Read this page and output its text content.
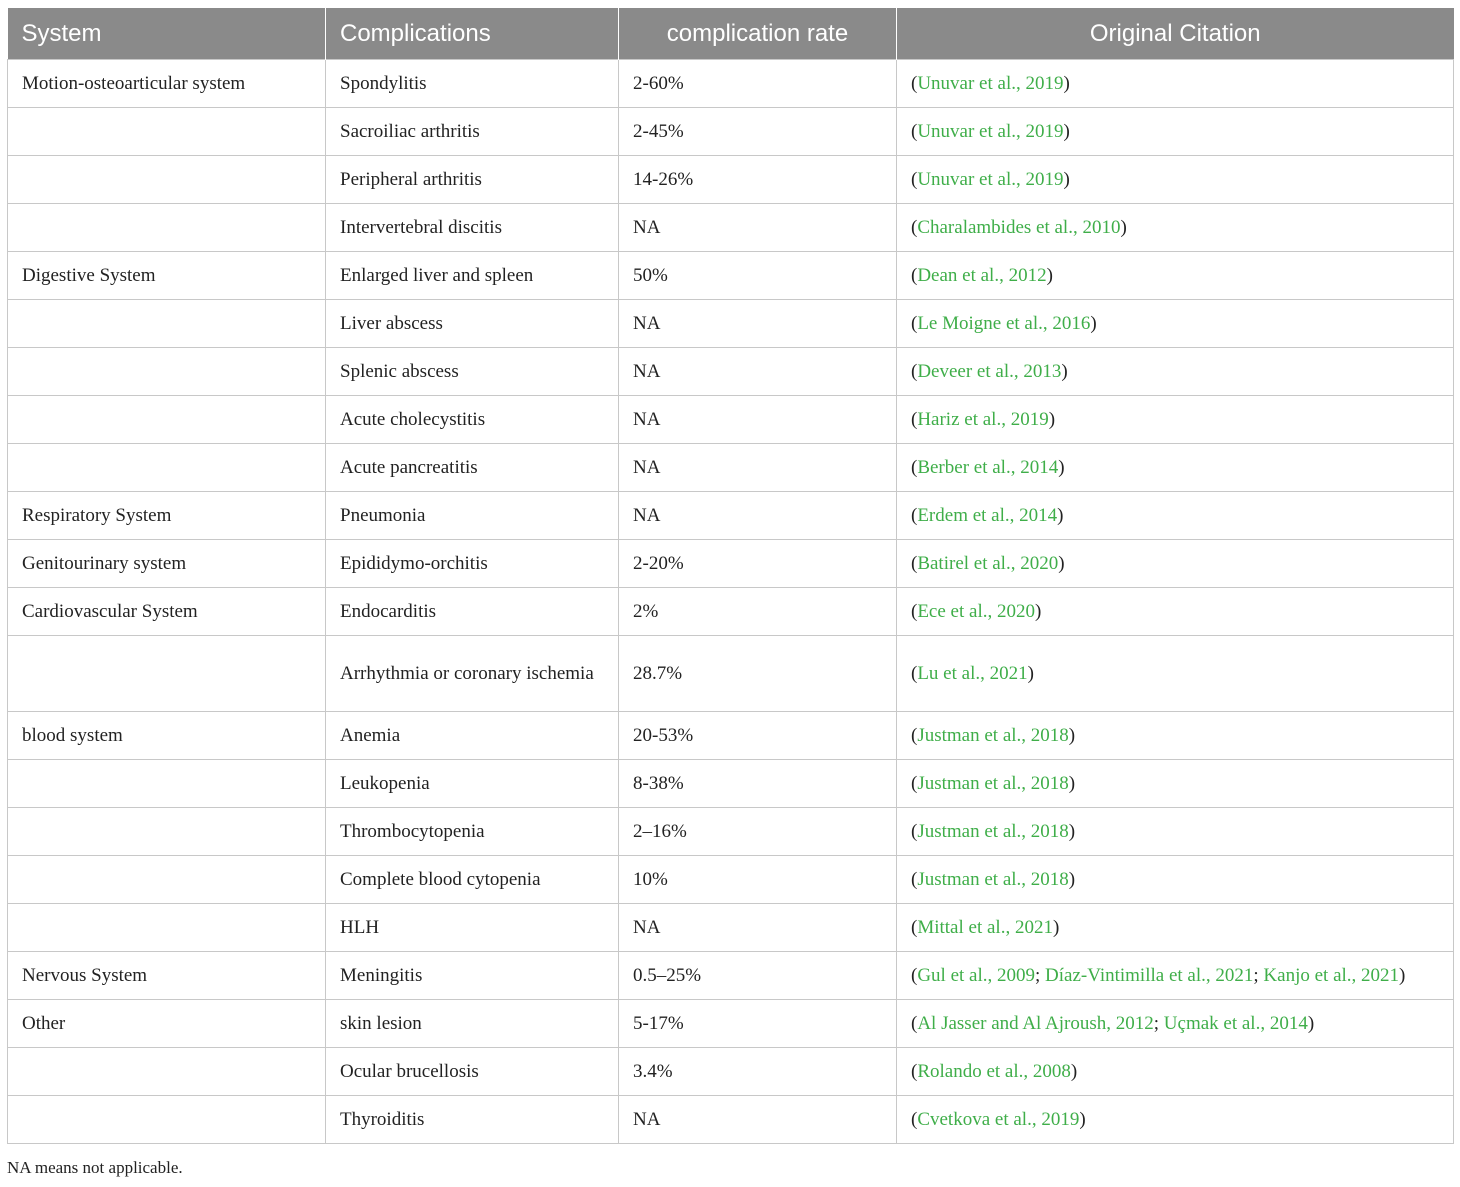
System	Complications	complication rate	Original Citation
Motion-osteoarticular system	Spondylitis	2-60%	(Unuvar et al., 2019)
	Sacroiliac arthritis	2-45%	(Unuvar et al., 2019)
	Peripheral arthritis	14-26%	(Unuvar et al., 2019)
	Intervertebral discitis	NA	(Charalambides et al., 2010)
Digestive System	Enlarged liver and spleen	50%	(Dean et al., 2012)
	Liver abscess	NA	(Le Moigne et al., 2016)
	Splenic abscess	NA	(Deveer et al., 2013)
	Acute cholecystitis	NA	(Hariz et al., 2019)
	Acute pancreatitis	NA	(Berber et al., 2014)
Respiratory System	Pneumonia	NA	(Erdem et al., 2014)
Genitourinary system	Epididymo-orchitis	2-20%	(Batirel et al., 2020)
Cardiovascular System	Endocarditis	2%	(Ece et al., 2020)
	Arrhythmia or coronary ischemia	28.7%	(Lu et al., 2021)
blood system	Anemia	20-53%	(Justman et al., 2018)
	Leukopenia	8-38%	(Justman et al., 2018)
	Thrombocytopenia	2–16%	(Justman et al., 2018)
	Complete blood cytopenia	10%	(Justman et al., 2018)
	HLH	NA	(Mittal et al., 2021)
Nervous System	Meningitis	0.5–25%	(Gul et al., 2009; Díaz-Vintimilla et al., 2021; Kanjo et al., 2021)
Other	skin lesion	5-17%	(Al Jasser and Al Ajroush, 2012; Uçmak et al., 2014)
	Ocular brucellosis	3.4%	(Rolando et al., 2008)
	Thyroiditis	NA	(Cvetkova et al., 2019)
NA means not applicable.
